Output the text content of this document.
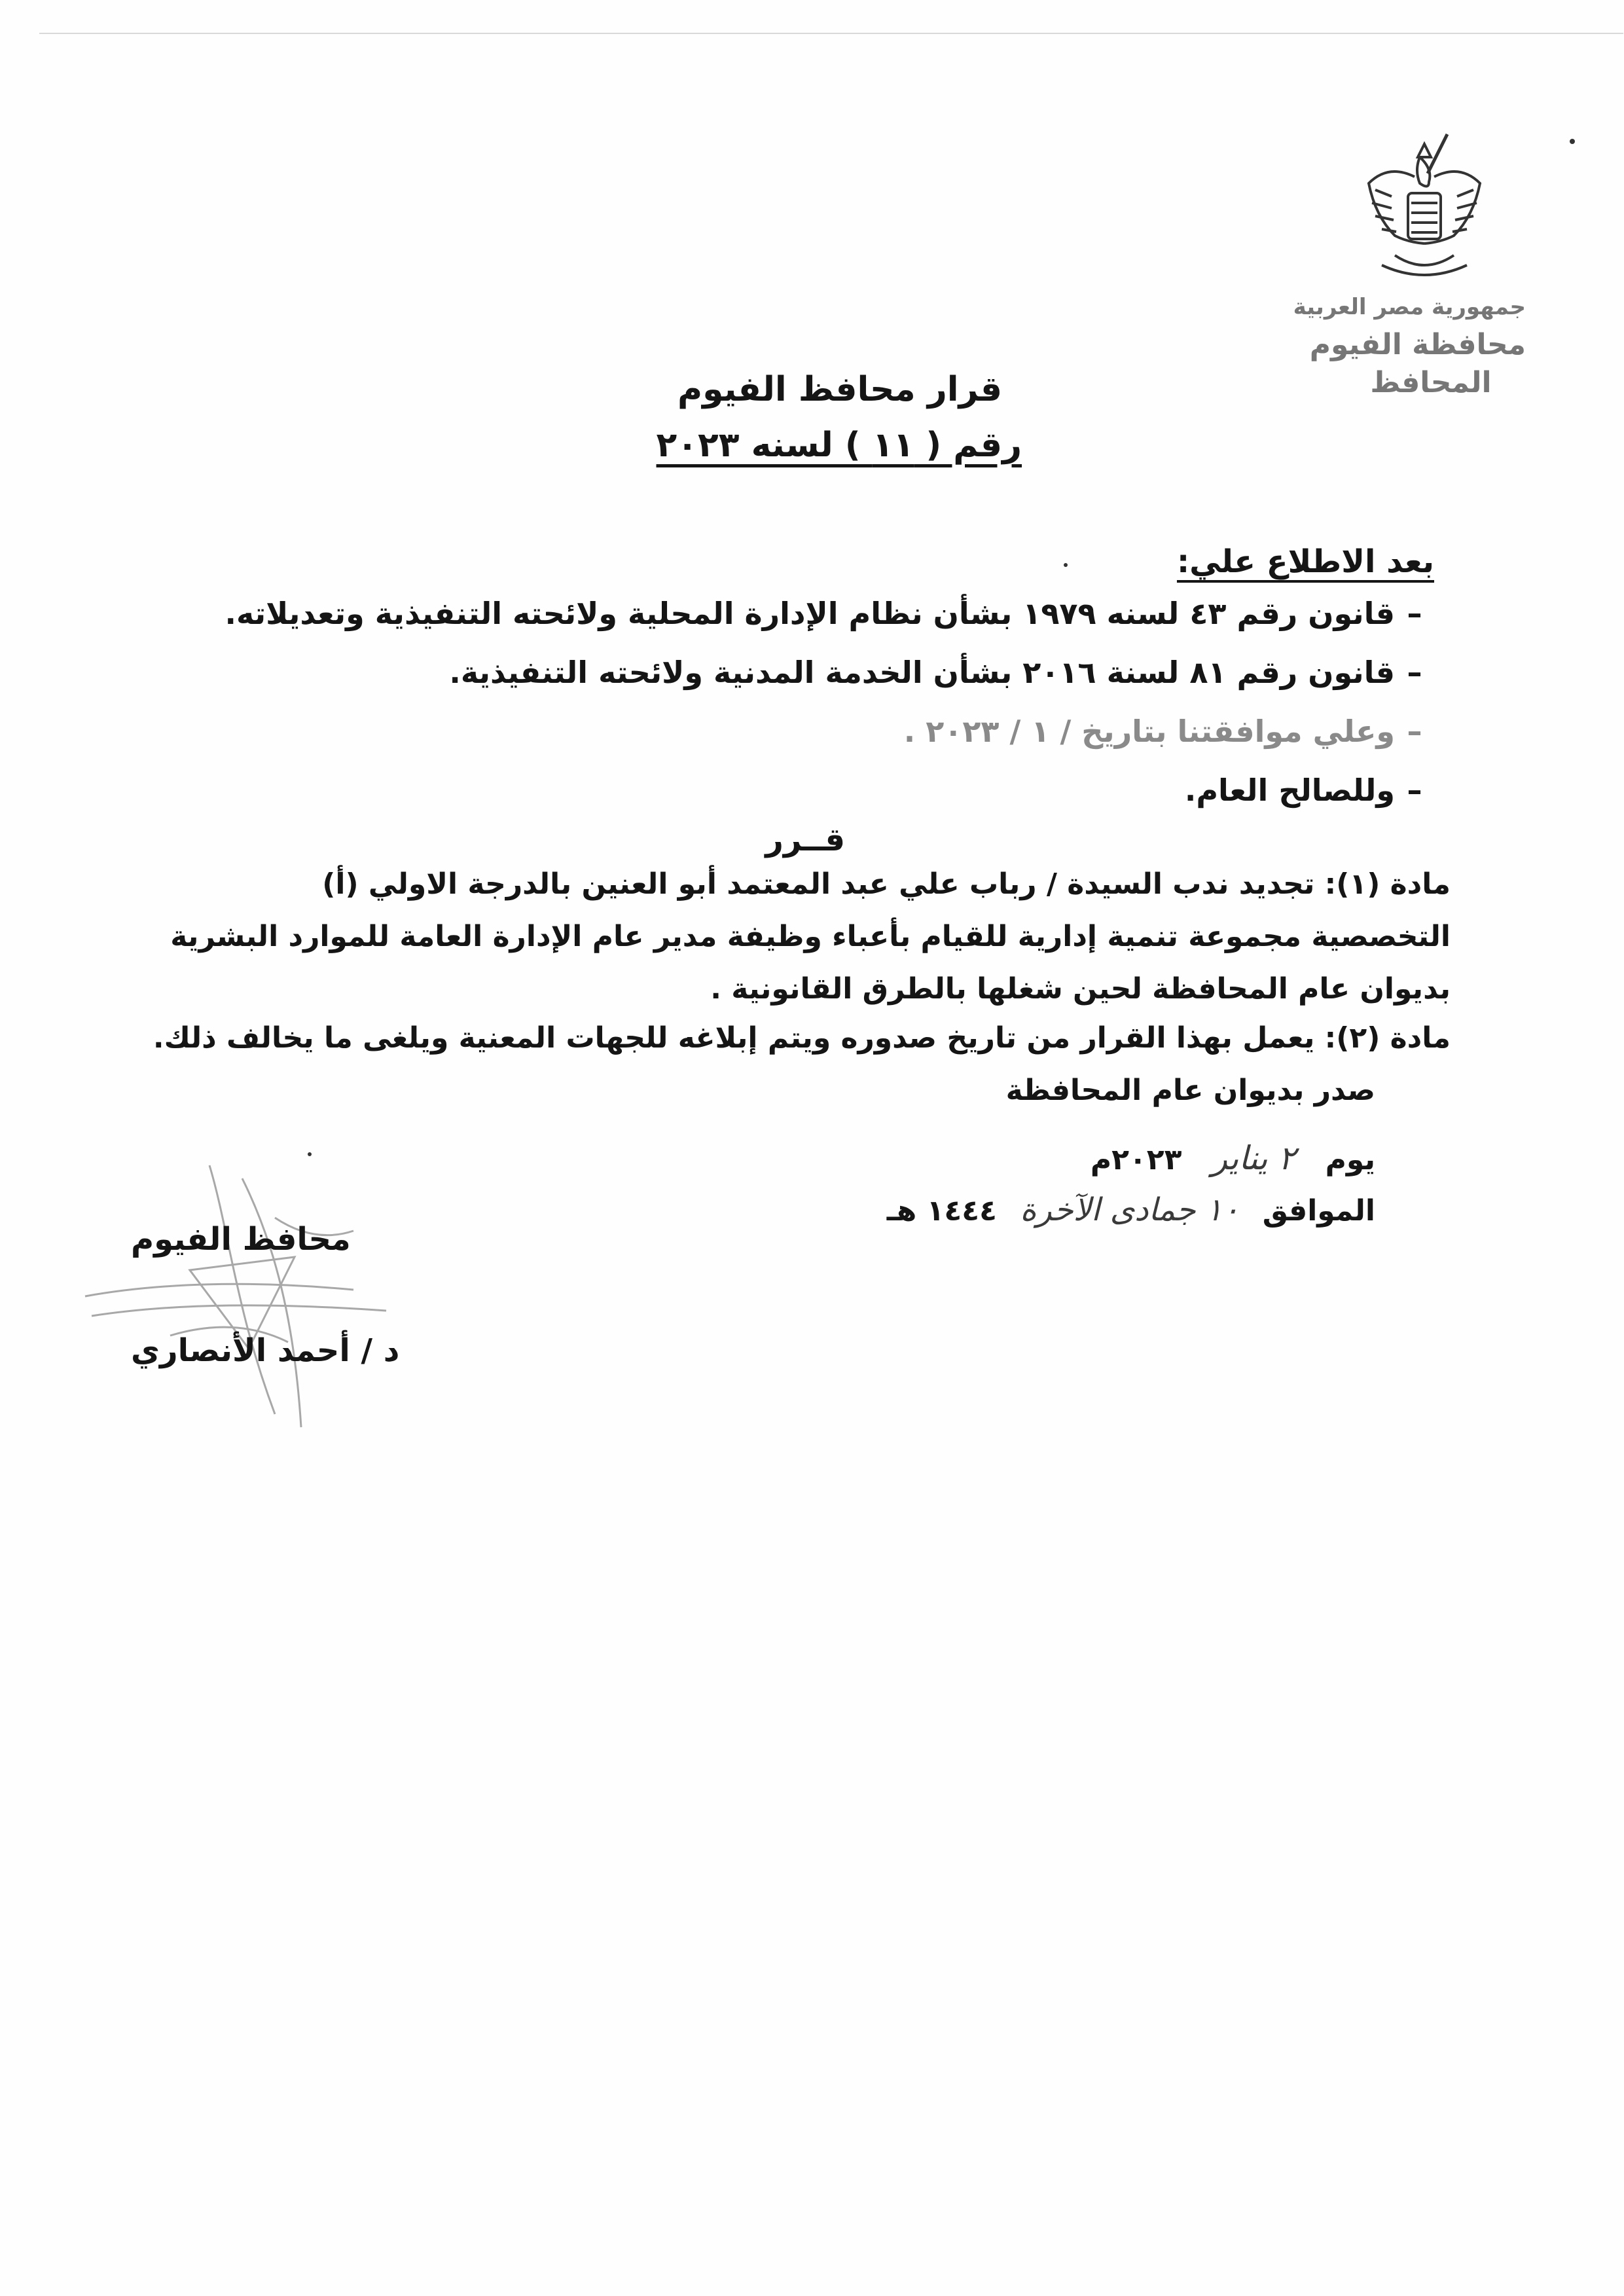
جمهورية مصر العربية
محافظة الفيوم
المحافظ
قرار محافظ الفيوم
رقم ( ١١ ) لسنه ٢٠٢٣
بعد الاطلاع علي:
–قانون رقم ٤٣ لسنه ١٩٧٩ بشأن نظام الإدارة المحلية ولائحته التنفيذية وتعديلاته.
–قانون رقم ٨١ لسنة ٢٠١٦ بشأن الخدمة المدنية ولائحته التنفيذية.
–وعلي موافقتنا بتاريخ / ١ / ٢٠٢٣ .
–وللصالح العام.
قــرر
مادة (١): تجديد ندب السيدة / رباب علي عبد المعتمد أبو العنين بالدرجة الاولي (أ)
التخصصية مجموعة تنمية إدارية للقيام بأعباء وظيفة مدير عام الإدارة العامة للموارد البشرية
بديوان عام المحافظة لحين شغلها بالطرق القانونية .
مادة (٢): يعمل بهذا القرار من تاريخ صدوره ويتم إبلاغه للجهات المعنية ويلغى ما يخالف ذلك.
صدر بديوان عام المحافظة
يوم ٢ يناير ٢٠٢٣م
الموافق ١٠ جمادى الآخرة ١٤٤٤ هـ
محافظ الفيوم
د / أحمد الأنصاري
